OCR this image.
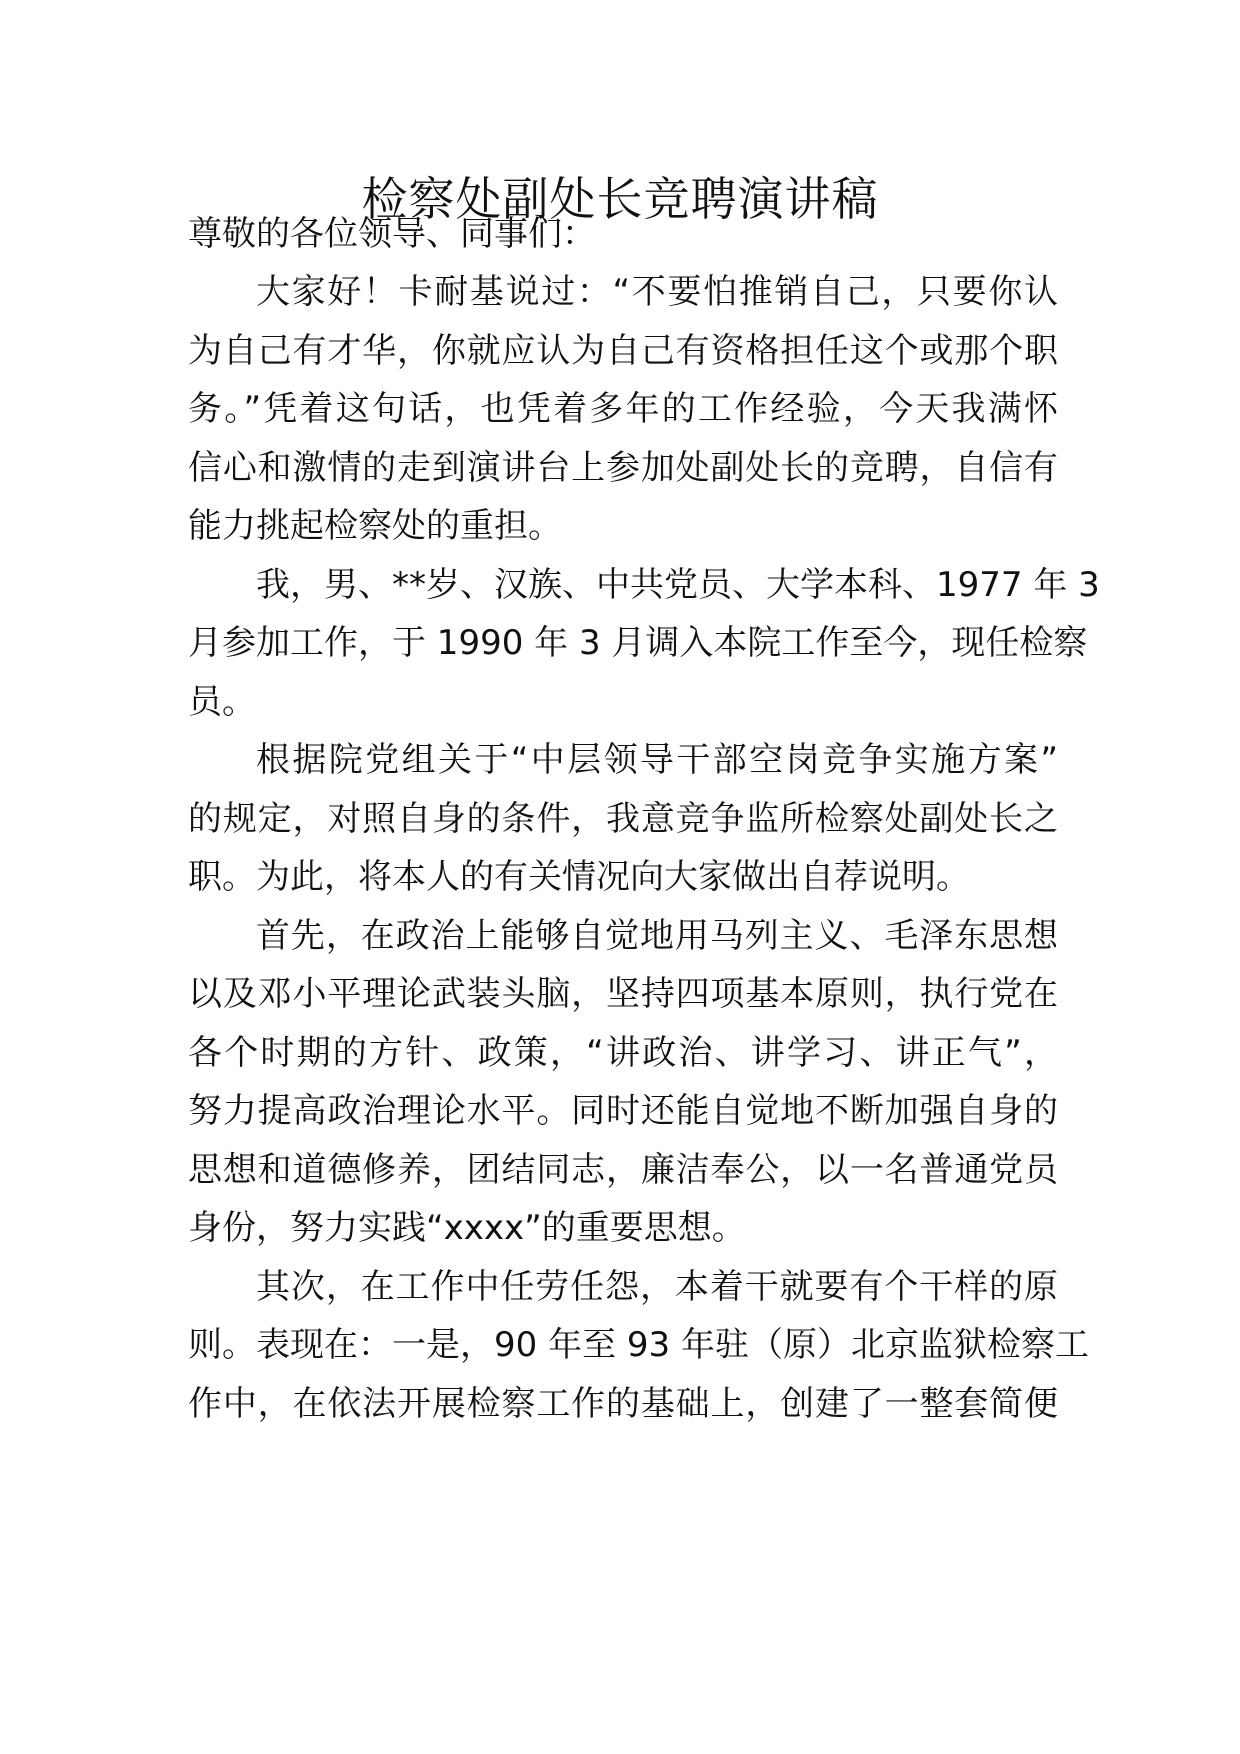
检察处副处长竞聘演讲稿
尊敬的各位领导、同事们：
大家好！卡耐基说过：“不要怕推销自己，只要你认
为自己有才华，你就应认为自己有资格担任这个或那个职
务。”凭着这句话，也凭着多年的工作经验，今天我满怀
信心和激情的走到演讲台上参加处副处长的竞聘，自信有
能力挑起检察处的重担。
我，男、**岁、汉族、中共党员、大学本科、1977 年 3
月参加工作，于 1990 年 3 月调入本院工作至今，现任检察
员。
根据院党组关于“中层领导干部空岗竞争实施方案”
的规定，对照自身的条件，我意竞争监所检察处副处长之
职。为此，将本人的有关情况向大家做出自荐说明。
首先，在政治上能够自觉地用马列主义、毛泽东思想
以及邓小平理论武装头脑，坚持四项基本原则，执行党在
各个时期的方针、政策，“讲政治、讲学习、讲正气”，
努力提高政治理论水平。同时还能自觉地不断加强自身的
思想和道德修养，团结同志，廉洁奉公，以一名普通党员
身份，努力实践“xxxx”的重要思想。
其次，在工作中任劳任怨，本着干就要有个干样的原
则。表现在：一是，90 年至 93 年驻（原）北京监狱检察工
作中，在依法开展检察工作的基础上，创建了一整套简便
